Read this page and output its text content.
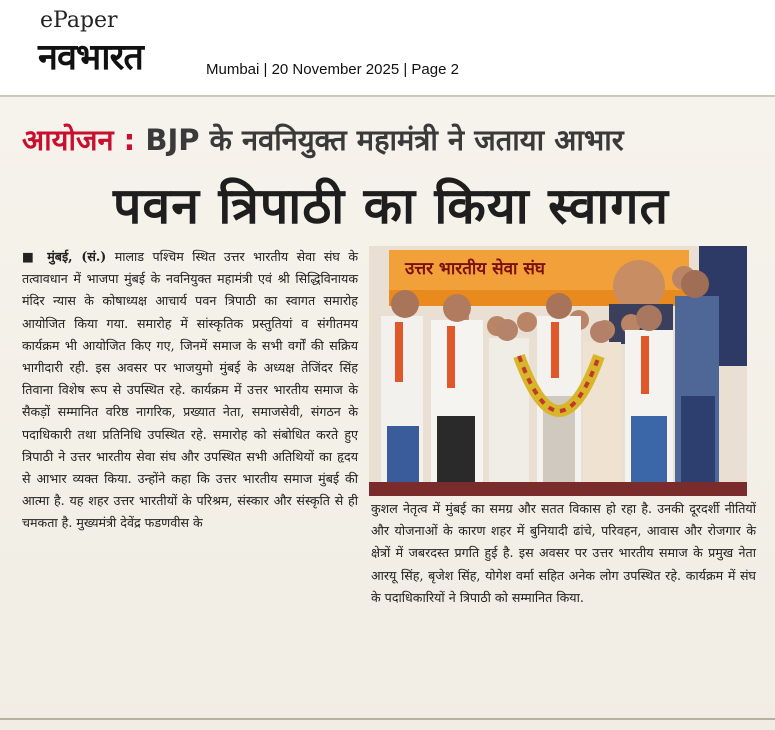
ePaper
नवभारत	Mumbai | 20 November 2025 | Page 2
आयोजन : BJP के नवनियुक्त महामंत्री ने जताया आभार
पवन त्रिपाठी का किया स्वागत
■ मुंबई, (सं.) मालाड पश्चिम स्थित उत्तर भारतीय सेवा संघ के तत्वावधान में भाजपा मुंबई के नवनियुक्त महामंत्री एवं श्री सिद्धिविनायक मंदिर न्यास के कोषाध्यक्ष आचार्य पवन त्रिपाठी का स्वागत समारोह आयोजित किया गया. समारोह में सांस्कृतिक प्रस्तुतियां व संगीतमय कार्यक्रम भी आयोजित किए गए, जिनमें समाज के सभी वर्गों की सक्रिय भागीदारी रही. इस अवसर पर भाजयुमो मुंबई के अध्यक्ष तेजिंदर सिंह तिवाना विशेष रूप से उपस्थित रहे. कार्यक्रम में उत्तर भारतीय समाज के सैकड़ों सम्मानित वरिष्ठ नागरिक, प्रख्यात नेता, समाजसेवी, संगठन के पदाधिकारी तथा प्रतिनिधि उपस्थित रहे. समारोह को संबोधित करते हुए त्रिपाठी ने उत्तर भारतीय सेवा संघ और उपस्थित सभी अतिथियों का हृदय से आभार व्यक्त किया. उन्होंने कहा कि उत्तर भारतीय समाज मुंबई की आत्मा है. यह शहर उत्तर भारतीयों के परिश्रम, संस्कार और संस्कृति से ही चमकता है. मुख्यमंत्री देवेंद्र फडणवीस के
उत्तर भारतीय सेवा संघ
कुशल नेतृत्व में मुंबई का समग्र और सतत विकास हो रहा है. उनकी दूरदर्शी नीतियों और योजनाओं के कारण शहर में बुनियादी ढांचे, परिवहन, आवास और रोजगार के क्षेत्रों में जबरदस्त प्रगति हुई है. इस अवसर पर उत्तर भारतीय समाज के प्रमुख नेता आरयू सिंह, बृजेश सिंह, योगेश वर्मा सहित अनेक लोग उपस्थित रहे. कार्यक्रम में संघ के पदाधिकारियों ने त्रिपाठी को सम्मानित किया.
